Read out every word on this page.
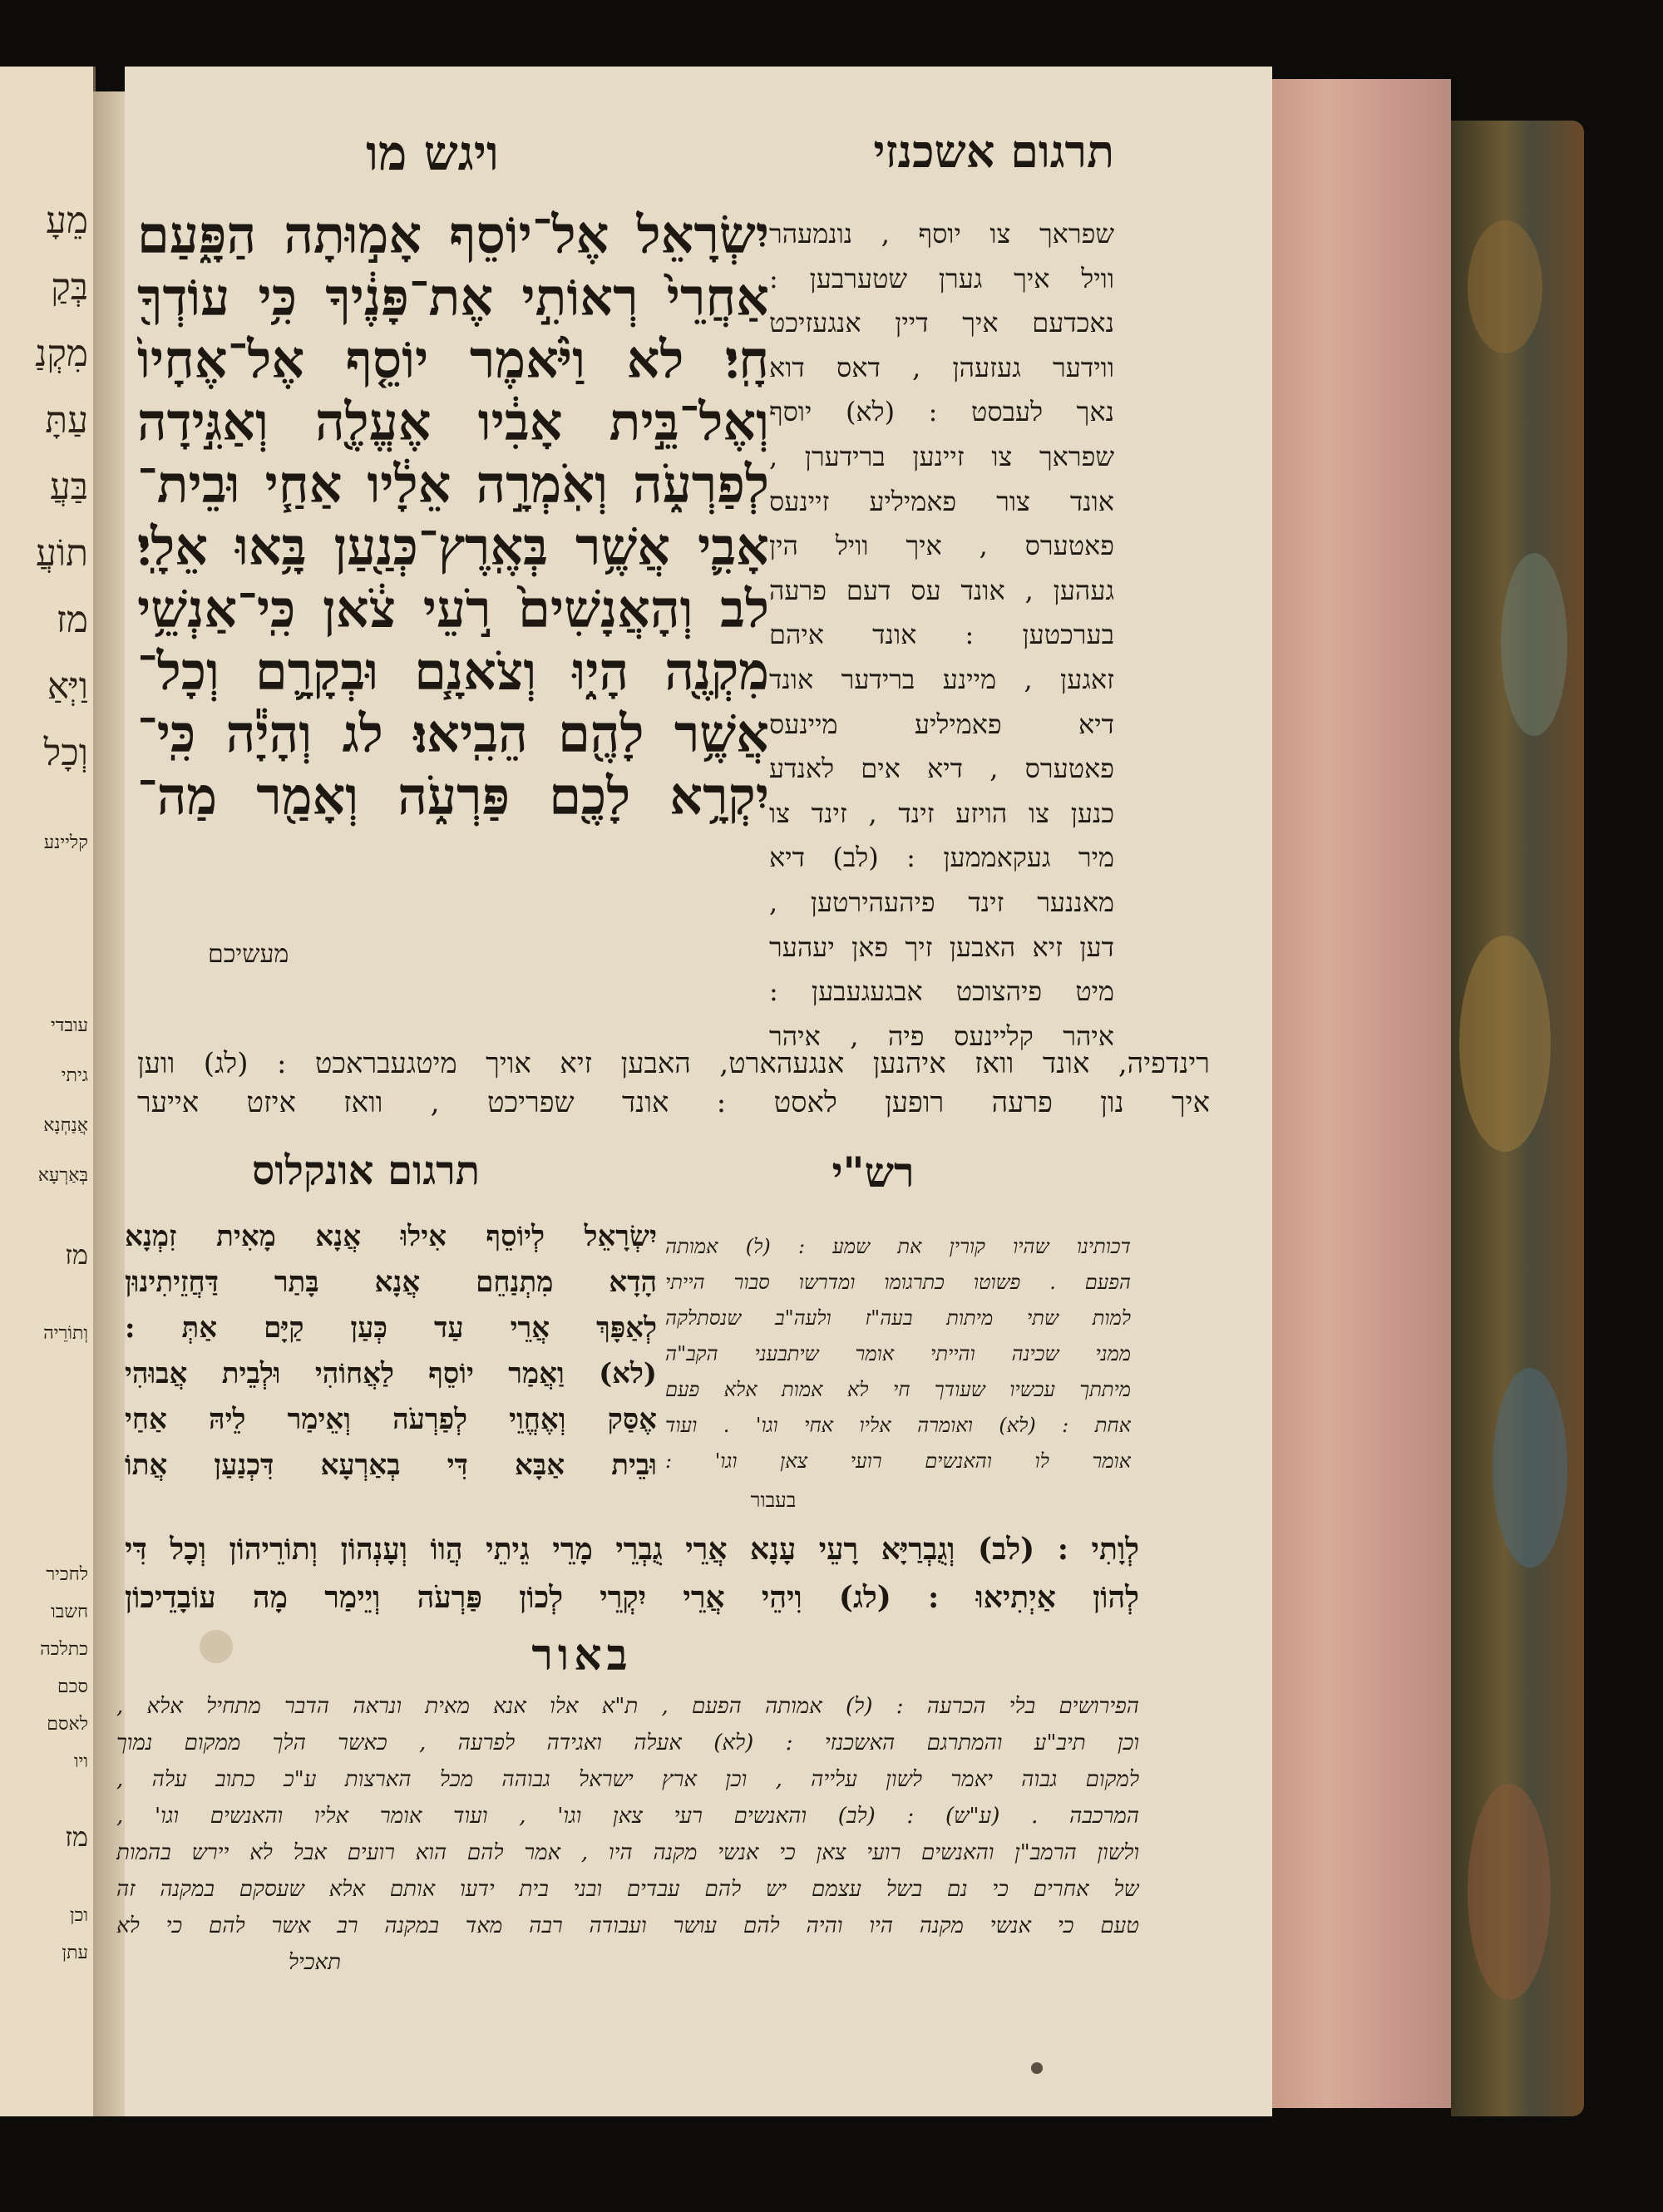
מֵעָ
בְּקַ
מִקְנַ
עַתָּ
בַּעֲ
תוֹעֲ
מז
וַיְּאַ
וְכָל
קליינע
עובדי
גיתי
אֲנַחְנָא
בְּאַרְעָא
מז
וְתוֹרֵיה
לחכיר
חשבו
כתלכה
סכם
לאסם
ויו
מז
וכן
עתן
תרגום אשכנזי
ויגש מו
יִשְׂרָאֵל אֶל־יוֹסֵף אָמ֣וּתָה הַפָּ֑עַם
אַחֲרֵי֙ רְאוֹתִ֣י אֶת־פָּנֶ֔יךָ כִּ֥י עוֹדְךָ֖
חָֽי׃ לא וַיֹּ֨אמֶר יוֹסֵ֤ף אֶל־אֶחָיו֙
וְאֶל־בֵּ֣ית אָבִ֔יו אֶעֱלֶ֖ה וְאַגִּ֣ידָה
לְפַרְעֹ֑ה וְאֹֽמְרָ֣ה אֵלָ֔יו אַחַ֧י וּבֵית־
אָבִ֛י אֲשֶׁ֥ר בְּאֶֽרֶץ־כְּנַ֖עַן בָּ֥אוּ אֵלָֽי׃
לב וְהָאֲנָשִׁים֙ רֹ֣עֵי צֹ֔אן כִּֽי־אַנְשֵׁ֥י
מִקְנֶ֖ה הָי֑וּ וְצֹאנָ֧ם וּבְקָרָ֛ם וְכָל־
אֲשֶׁ֥ר לָהֶ֖ם הֵבִֽיאוּ׃ לג וְהָיָ֕ה כִּֽי־
יִקְרָ֥א לָכֶ֖ם פַּרְעֹ֑ה וְאָמַ֖ר מַה־
מעשיכם
שפראך צו יוסף , נונמעהר
וויל איך גערן שטערבען :
נאכדעם איך דיין אנגעזיכט
ווידער געזעהן , דאס דוא
נאך לעבסט : (לא) יוסף
שפראך צו זיינען ברידערן ,
אונד צור פאמיליע זיינעס
פאטערס , איך וויל הין
געהען , אונד עס דעם פרעה
בערכטען : אונד איהם
זאגען , מיינע ברידער אונד
דיא פאמיליע מיינעס
פאטערס , דיא אים לאנדע
כנען צו הויזע זינד , זינד צו
מיר געקאממען : (לב) דיא
מאננער זינד פיהעהירטען ,
דען זיא האבען זיך פאן יעהער
מיט פיהצוכט אבגעגעבען :
איהר קליינעס פיה , איהר
רינדפיה, אונד וואז איהנען אנגעהארט, האבען זיא אויך מיטגעבראכט : (לג) ווען
איך נון פרעה רופען לאסט : אונד שפריכט , וואז איזט אייער
תרגום אונקלוס	רש"י
יִשְׂרָאֵל לְיוֹסֵף אִילוּ אֲנָא מָאִית זִמְנָא
הָדָא מִתְנַחֵם אֲנָא בָּתַר דַּחֲזֵיתִינוּן
לְאַפָּךְ אֲרֵי עַד כְּעַן קַיָּם אַתְּ :
(לא) וַאֲמַר יוֹסֵף לַאֲחוֹהִי וּלְבֵית אֲבוּהִי
אֶסַּק וְאֶחֱוֵי לְפַרְעֹה וְאֵימַר לֵיהּ אַחַי
וּבֵית אַבָּא דִּי בְאַרְעָא דִּכְנַעַן אֲתוֹ
דכותינו שהיו קורין את שמע : (ל) אמותה
הפעם . פשוטו כתרגומו ומדרשו סבור הייתי
למות שתי מיתות בעה"ז ולעה"ב שנסתלקה
ממני שכינה והייתי אומר שיתבעני הקב"ה
מיתתך עכשיו שעודך חי לא אמות אלא פעם
אחת : (לא) ואומרה אליו אחי וגו' . ועוד
אומר לו והאנשים רועי צאן וגו' :
בעבור
לְוָתִי : (לב) וְגֻבְרַיָּא רָעֵי עָנָא אֲרֵי גֻבְרֵי מָרֵי גֵיתֵי הֲווֹ וְעָנְהוֹן וְתוֹרֵיהוֹן וְכָל דִּי
לְהוֹן אַיְתִיאוּ : (לג) וִיהֵי אֲרֵי יִקְרֵי לְכוֹן פַּרְעֹה וְיֵימַר מָה עוֹבָדֵיכוֹן
באור
הפירושים בלי הכרעה : (ל) אמותה הפעם , ת"א אלו אנא מאית ונראה הדבר מתחיל אלא ,
וכן תיב"ע והמתרגם האשכנזי : (לא) אעלה ואגידה לפרעה , כאשר הלך ממקום נמוך
למקום גבוה יאמר לשון עלייה , וכן ארץ ישראל גבוהה מכל הארצות ע"כ כתוב עלה ,
המרכבה . (ע"ש) : (לב) והאנשים רעי צאן וגו' , ועוד אומר אליו והאנשים וגו' ,
ולשון הרמב"ן והאנשים רועי צאן כי אנשי מקנה היו , אמר להם הוא רועים אבל לא יירש בהמות
של אחרים כי נם בשל עצמם יש להם עבדים ובני בית ידעו אותם אלא שעסקם במקנה זה
טעם כי אנשי מקנה היו והיה להם עושר ועבודה רבה מאד במקנה רב אשר להם כי לא
תאכיל
